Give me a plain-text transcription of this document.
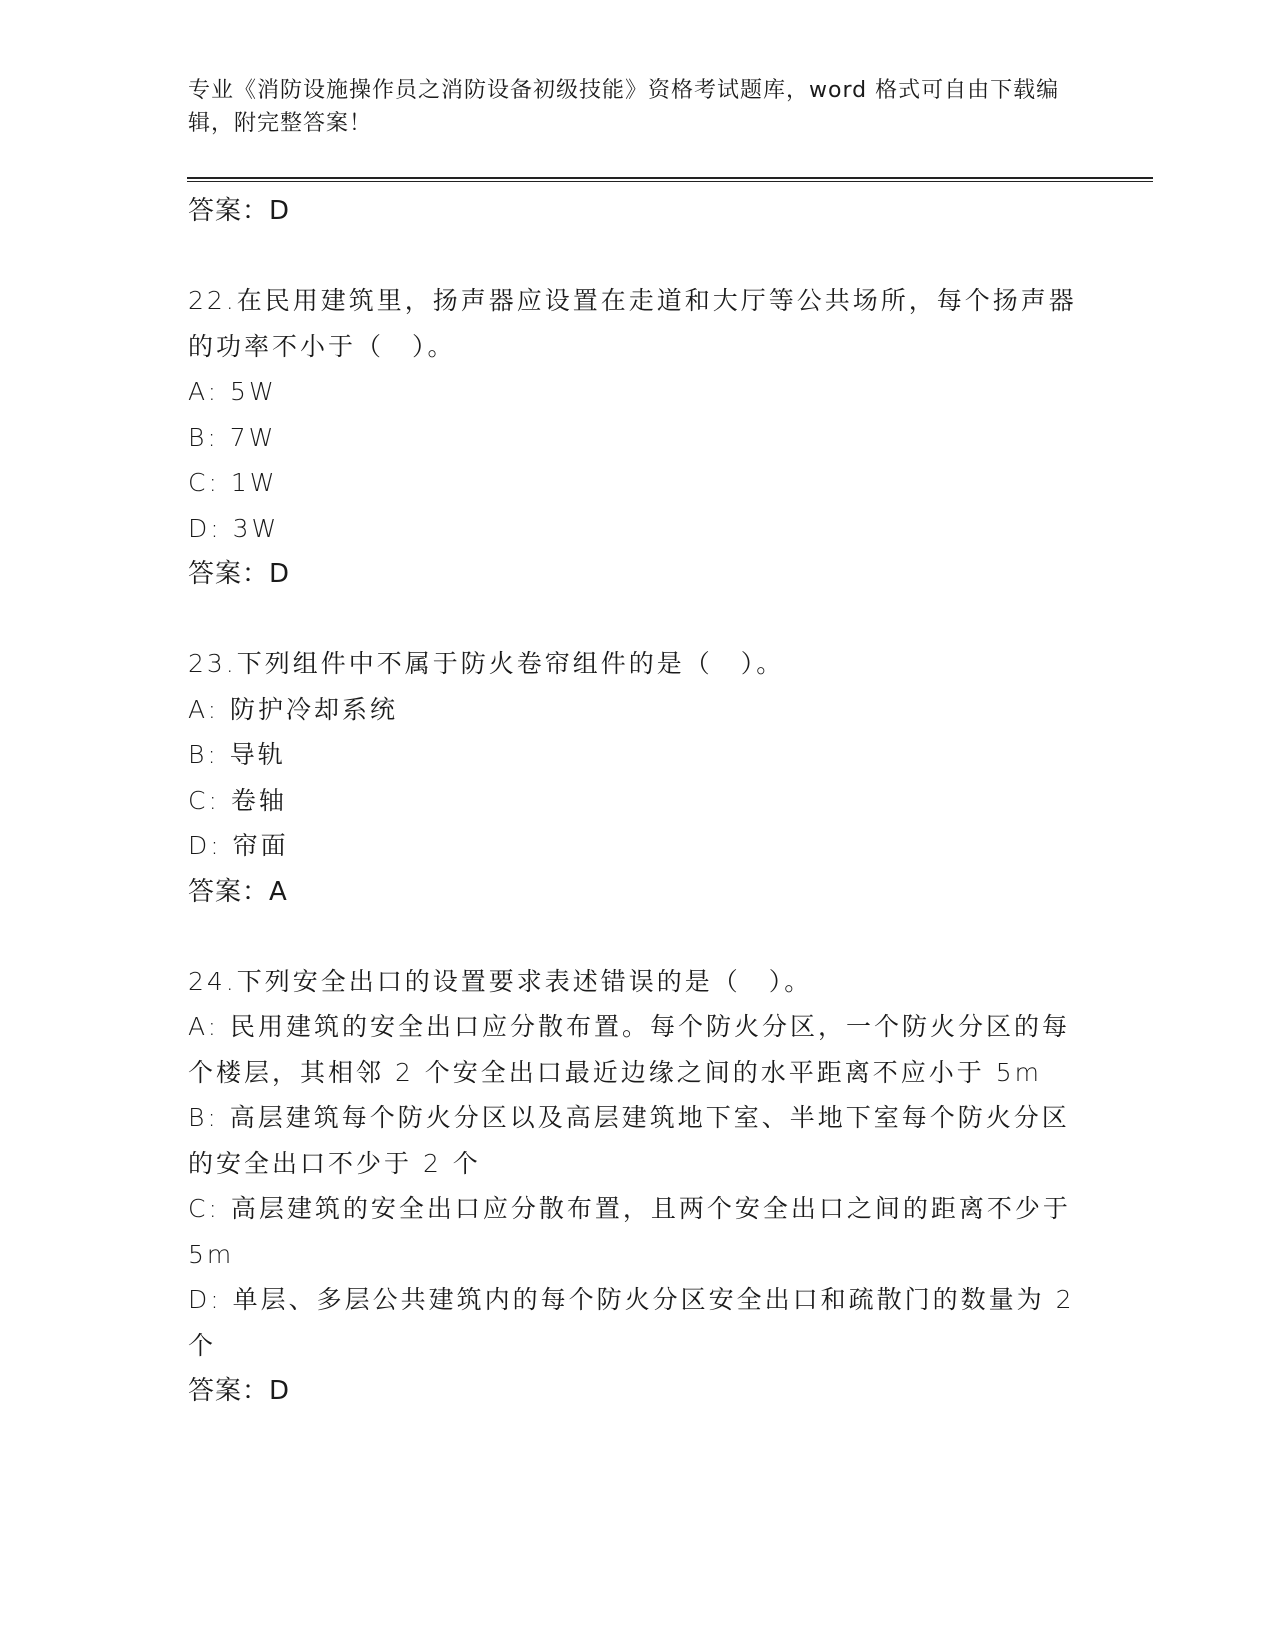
专业《消防设施操作员之消防设备初级技能》资格考试题库，word 格式可自由下载编辑，附完整答案！

答案：D

22.在民用建筑里，扬声器应设置在走道和大厅等公共场所，每个扬声器的功率不小于（　）。

A: 5W

B: 7W

C: 1W

D: 3W

答案：D

23.下列组件中不属于防火卷帘组件的是（　）。

A: 防护冷却系统

B: 导轨

C: 卷轴

D: 帘面

答案：A

24.下列安全出口的设置要求表述错误的是（　）。

A: 民用建筑的安全出口应分散布置。每个防火分区，一个防火分区的每个楼层，其相邻 2 个安全出口最近边缘之间的水平距离不应小于 5m

B: 高层建筑每个防火分区以及高层建筑地下室、半地下室每个防火分区的安全出口不少于 2 个

C: 高层建筑的安全出口应分散布置，且两个安全出口之间的距离不少于 5m

D: 单层、多层公共建筑内的每个防火分区安全出口和疏散门的数量为 2 个

答案：D
